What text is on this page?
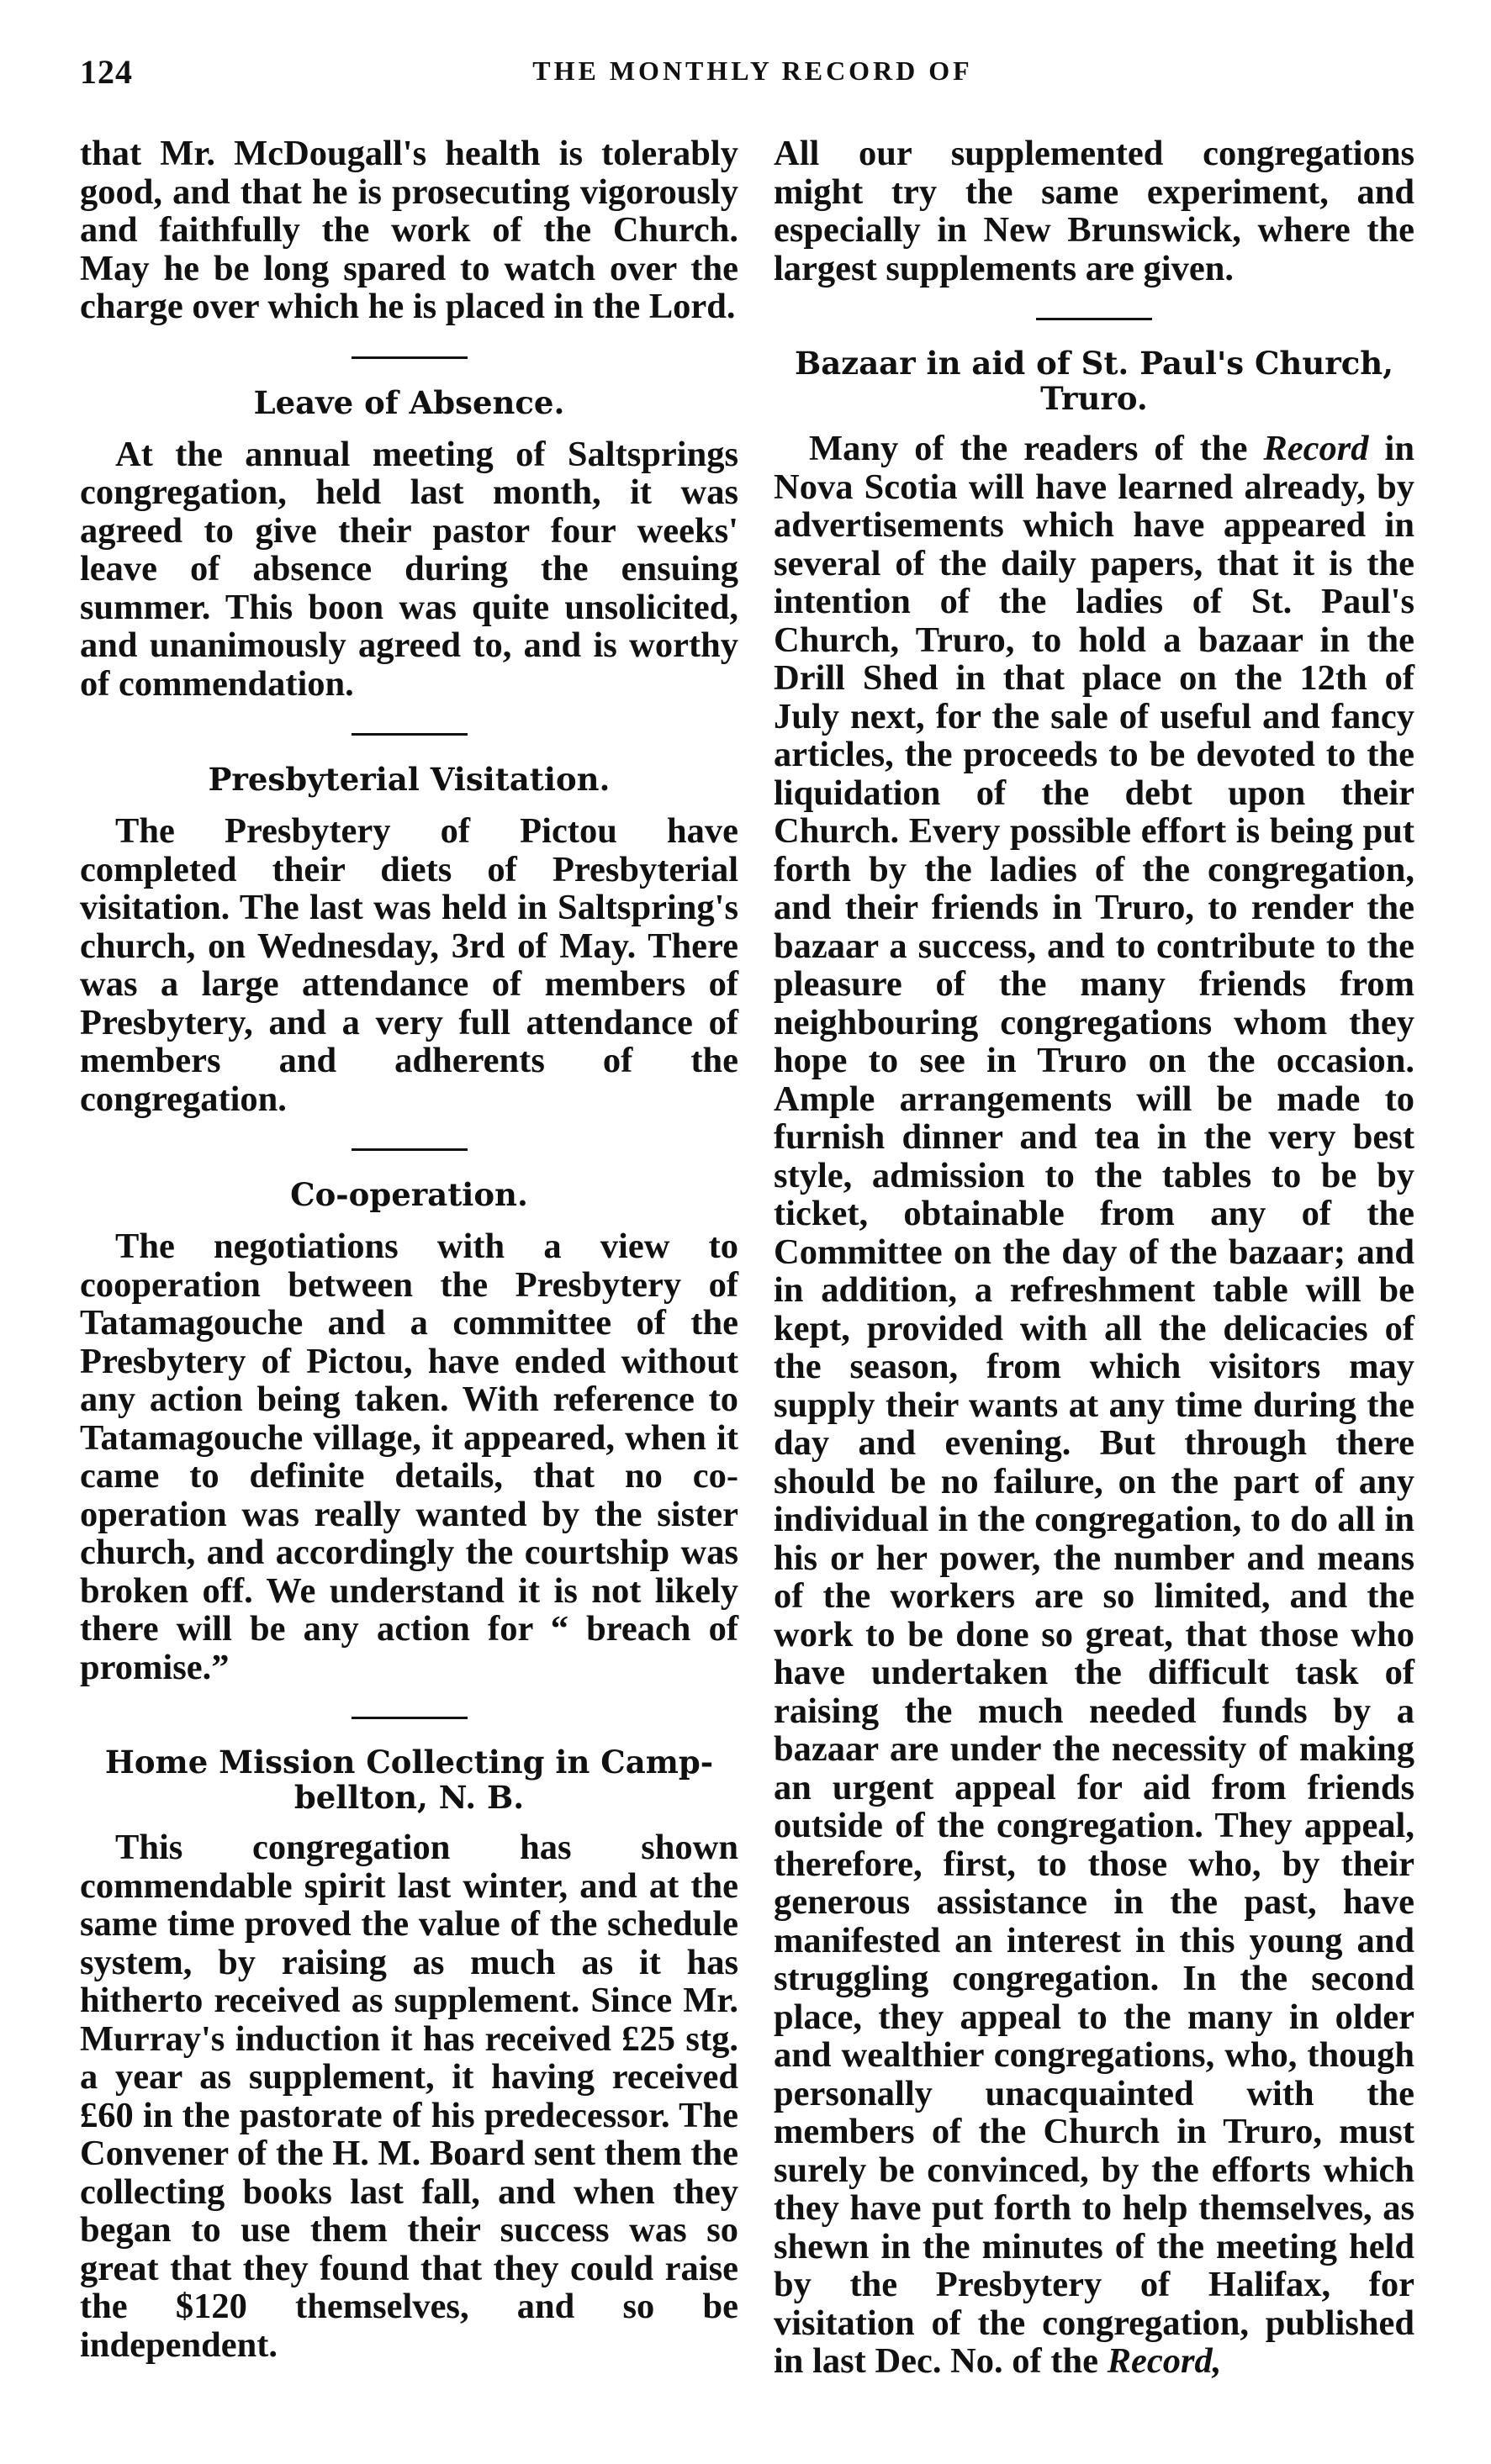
124	THE MONTHLY RECORD OF

that Mr. McDougall's health is tolerably good, and that he is prosecuting vigorously and faithfully the work of the Church. May he be long spared to watch over the charge over which he is placed in the Lord.

Leave of Absence.

At the annual meeting of Saltsprings congregation, held last month, it was agreed to give their pastor four weeks' leave of absence during the ensuing summer. This boon was quite unsolicited, and unanimously agreed to, and is worthy of commendation.

Presbyterial Visitation.

The Presbytery of Pictou have completed their diets of Presbyterial visitation. The last was held in Saltspring's church, on Wednesday, 3rd of May. There was a large attendance of members of Presbytery, and a very full attendance of members and adherents of the congregation.

Co-operation.

The negotiations with a view to cooperation between the Presbytery of Tatamagouche and a committee of the Presbytery of Pictou, have ended without any action being taken. With reference to Tatamagouche village, it appeared, when it came to definite details, that no co-operation was really wanted by the sister church, and accordingly the courtship was broken off. We understand it is not likely there will be any action for “ breach of promise.”

Home Mission Collecting in Camp-
bellton, N. B.

This congregation has shown commendable spirit last winter, and at the same time proved the value of the schedule system, by raising as much as it has hitherto received as supplement. Since Mr. Murray's induction it has received £25 stg. a year as supplement, it having received £60 in the pastorate of his predecessor. The Convener of the H. M. Board sent them the collecting books last fall, and when they began to use them their success was so great that they found that they could raise the $120 themselves, and so be independent.

All our supplemented congregations might try the same experiment, and especially in New Brunswick, where the largest supplements are given.

Bazaar in aid of St. Paul's Church,
Truro.

Many of the readers of the Record in Nova Scotia will have learned already, by advertisements which have appeared in several of the daily papers, that it is the intention of the ladies of St. Paul's Church, Truro, to hold a bazaar in the Drill Shed in that place on the 12th of July next, for the sale of useful and fancy articles, the proceeds to be devoted to the liquidation of the debt upon their Church. Every possible effort is being put forth by the ladies of the congregation, and their friends in Truro, to render the bazaar a success, and to contribute to the pleasure of the many friends from neighbouring congregations whom they hope to see in Truro on the occasion. Ample arrangements will be made to furnish dinner and tea in the very best style, admission to the tables to be by ticket, obtainable from any of the Committee on the day of the bazaar; and in addition, a refreshment table will be kept, provided with all the delicacies of the season, from which visitors may supply their wants at any time during the day and evening. But through there should be no failure, on the part of any individual in the congregation, to do all in his or her power, the number and means of the workers are so limited, and the work to be done so great, that those who have undertaken the difficult task of raising the much needed funds by a bazaar are under the necessity of making an urgent appeal for aid from friends outside of the congregation. They appeal, therefore, first, to those who, by their generous assistance in the past, have manifested an interest in this young and struggling congregation. In the second place, they appeal to the many in older and wealthier congregations, who, though personally unacquainted with the members of the Church in Truro, must surely be convinced, by the efforts which they have put forth to help themselves, as shewn in the minutes of the meeting held by the Presbytery of Halifax, for visitation of the congregation, published in last Dec. No. of the Record,
